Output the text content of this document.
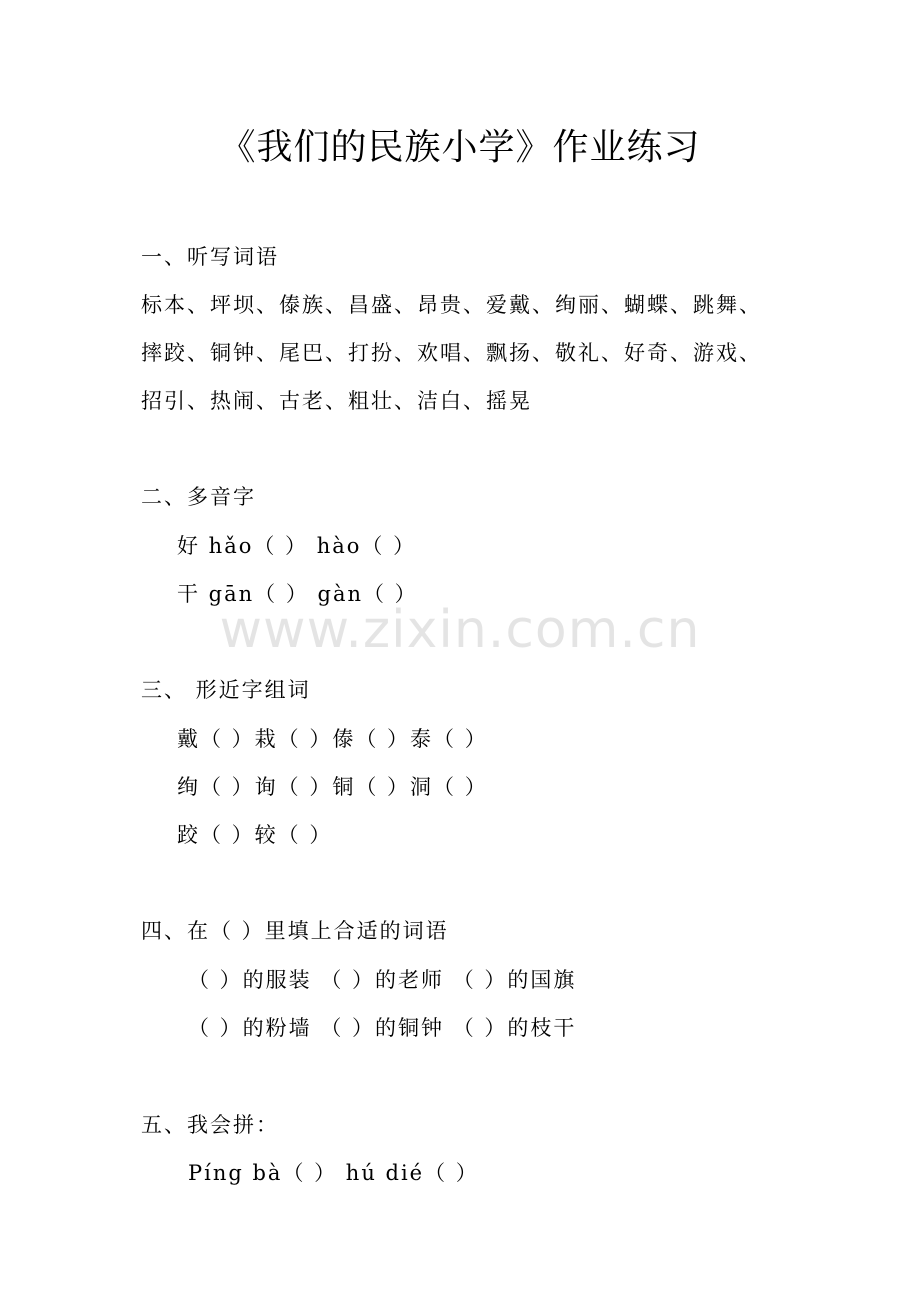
《我们的民族小学》作业练习
一、听写词语
标本、坪坝、傣族、昌盛、昂贵、爱戴、绚丽、蝴蝶、跳舞、
摔跤、铜钟、尾巴、打扮、欢唱、飘扬、敬礼、好奇、游戏、
招引、热闹、古老、粗壮、洁白、摇晃
二、多音字
好 hǎo（ ） hào（ ）
干 gān（ ） gàn（ ）
www.zixin.com.cn
三、 形近字组词
戴（ ）栽（ ）傣（ ）泰（ ）
绚（ ）询（ ）铜（ ）洞（ ）
跤（ ）较（ ）
四、在（ ）里填上合适的词语
（ ）的服装 （ ）的老师 （ ）的国旗
（ ）的粉墙 （ ）的铜钟 （ ）的枝干
五、我会拼：
Píng bà（ ） hú dié（ ）
